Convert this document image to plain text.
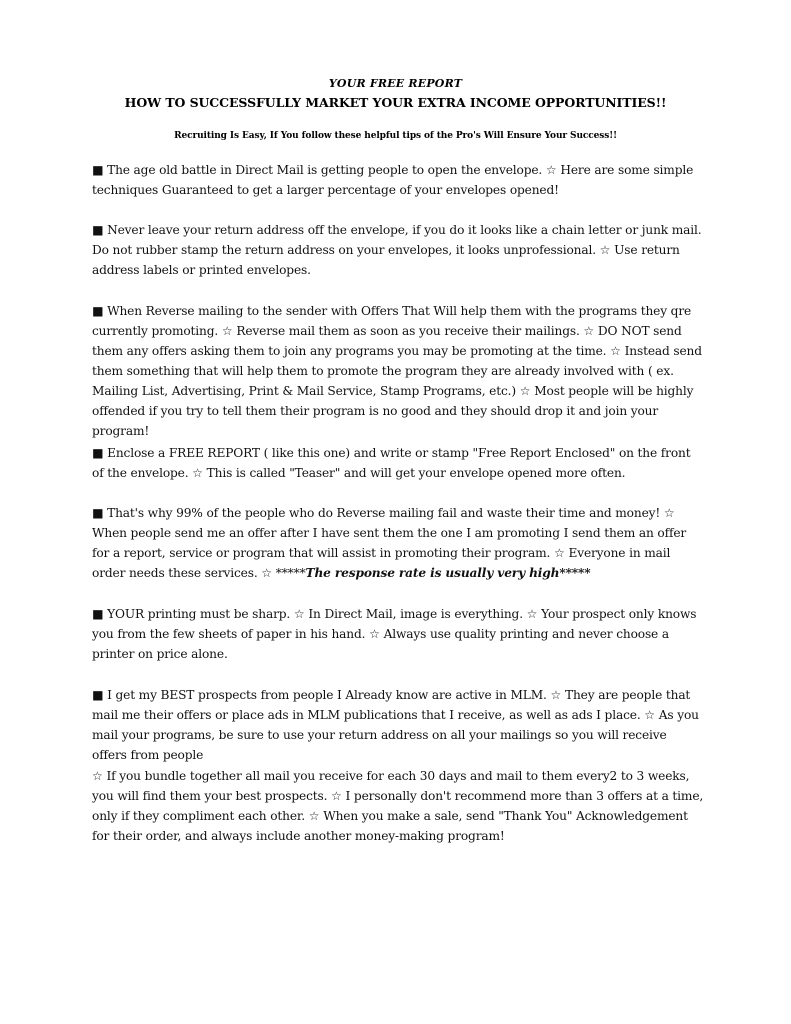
YOUR FREE REPORT
HOW TO SUCCESSFULLY MARKET YOUR EXTRA INCOME OPPORTUNITIES!!
Recruiting Is Easy, If You follow these helpful tips of the Pro's Will Ensure Your Success!!
■ The age old battle in Direct Mail is getting people to open the envelope. ☆ Here are some simple techniques Guaranteed to get a larger percentage of your envelopes opened!
■ Never leave your return address off the envelope, if you do it looks like a chain letter or junk mail. Do not rubber stamp the return address on your envelopes, it looks unprofessional. ☆ Use return address labels or printed envelopes.
■ When Reverse mailing to the sender with Offers That Will help them with the programs they qre currently promoting. ☆ Reverse mail them as soon as you receive their mailings. ☆ DO NOT send them any offers asking them to join any programs you may be promoting at the time. ☆ Instead send them something that will help them to promote the program they are already involved with ( ex. Mailing List, Advertising, Print & Mail Service, Stamp Programs, etc.) ☆ Most people will be highly offended if you try to tell them their program is no good and they should drop it and join your program!
■ Enclose a FREE REPORT ( like this one) and write or stamp "Free Report Enclosed" on the front of the envelope. ☆ This is called "Teaser" and will get your envelope opened more often.
■ That's why 99% of the people who do Reverse mailing fail and waste their time and money! ☆ When people send me an offer after I have sent them the one I am promoting I send them an offer for a report, service or program that will assist in promoting their program. ☆ Everyone in mail order needs these services. ☆ *****The response rate is usually very high*****
■ YOUR printing must be sharp. ☆ In Direct Mail, image is everything. ☆ Your prospect only knows you from the few sheets of paper in his hand. ☆ Always use quality printing and never choose a printer on price alone.
■ I get my BEST prospects from people I Already know are active in MLM. ☆ They are people that mail me their offers or place ads in MLM publications that I receive, as well as ads I place. ☆ As you mail your programs, be sure to use your return address on all your mailings so you will receive offers from people
☆ If you bundle together all mail you receive for each 30 days and mail to them every2 to 3 weeks, you will find them your best prospects. ☆ I personally don't recommend more than 3 offers at a time, only if they compliment each other. ☆ When you make a sale, send "Thank You" Acknowledgement for their order, and always include another money-making program!
